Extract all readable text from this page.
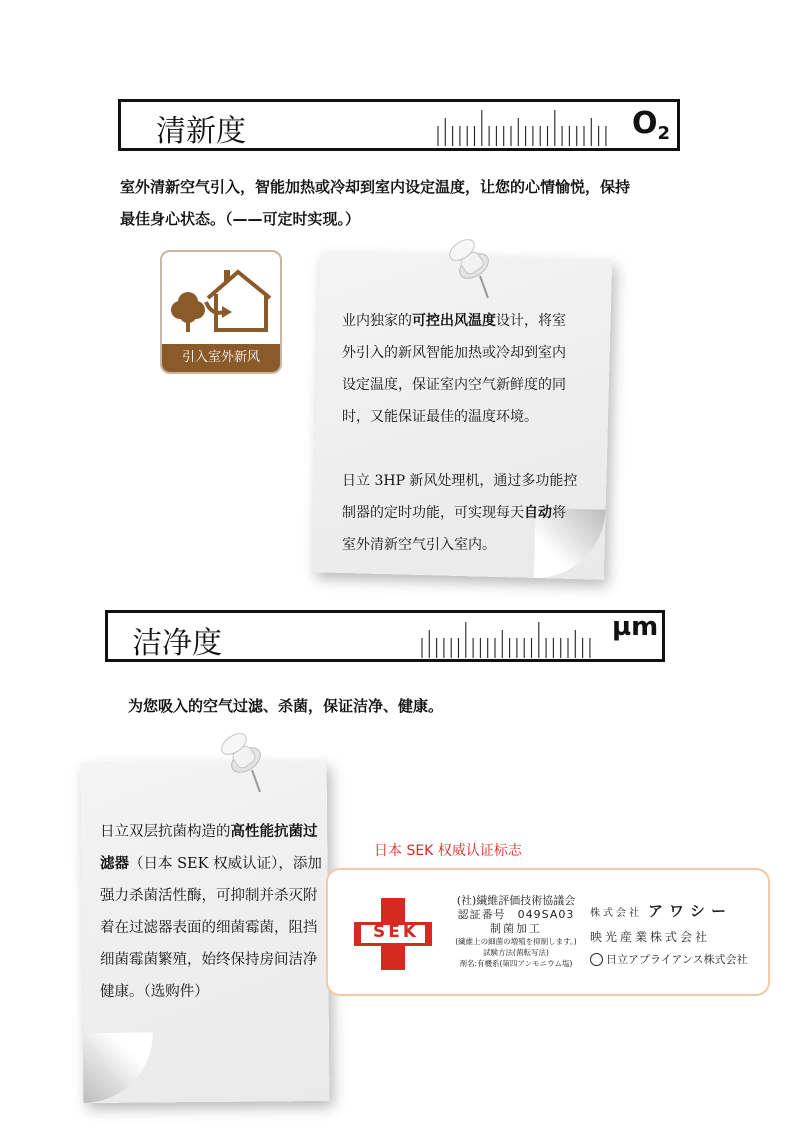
清新度	$O_2$
室外清新空气引入，智能加热或冷却到室内设定温度，让您的心情愉悦，保持
最佳身心状态。（——可定时实现。）
引入室外新风
业内独家的可控出风温度设计，将室外引入的新风智能加热或冷却到室内设定温度，保证室内空气新鲜度的同时，又能保证最佳的温度环境。
日立 3HP 新风处理机，通过多功能控制器的定时功能，可实现每天自动将室外清新空气引入室内。
洁净度	µm
为您吸入的空气过滤、杀菌，保证洁净、健康。
日立双层抗菌构造的高性能抗菌过滤器（日本 SEK 权威认证），添加强力杀菌活性酶，可抑制并杀灭附着在过滤器表面的细菌霉菌，阻挡细菌霉菌繁殖，始终保持房间洁净健康。（选购件）
日本 SEK 权威认证标志
SEK
(社)繊維評価技術協議会
認証番号　049SA03
制菌加工
(繊維上の細菌の増殖を抑制します。)
試験方法(菌転写法)
剤名:有機系(第四アンモニウム塩)
株式会社 アワシー
映光産業株式会社
日立アプライアンス株式会社
